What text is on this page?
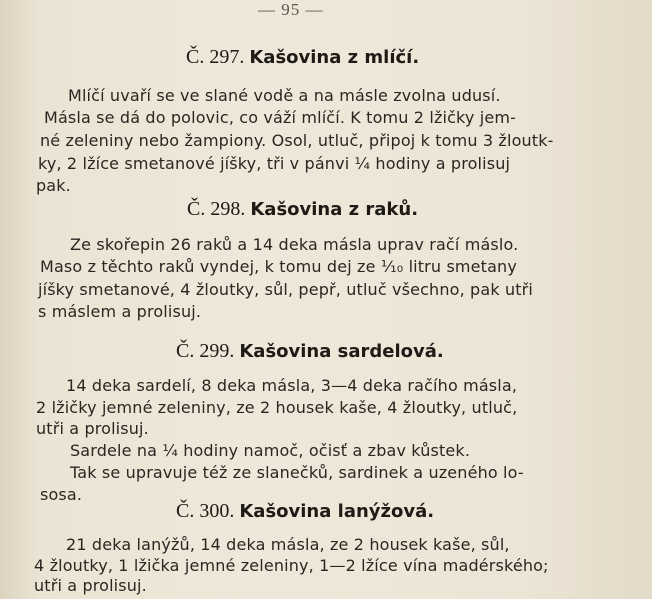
— 95 —
Č. 297. Kašovina z mlíčí.
Mlíčí uvaří se ve slané vodě a na másle zvolna udusí.
Másla se dá do polovic, co váží mlíčí. K tomu 2 lžičky jem-
né zeleniny nebo žampiony. Osol, utluč, připoj k tomu 3 žloutk-
ky, 2 lžíce smetanové jíšky, tři v pánvi ¼ hodiny a prolisuj
pak.
Č. 298. Kašovina z raků.
Ze skořepin 26 raků a 14 deka másla uprav račí máslo.
Maso z těchto raků vyndej, k tomu dej ze ¹⁄₁₀ litru smetany
jíšky smetanové, 4 žloutky, sůl, pepř, utluč všechno, pak utři
s máslem a prolisuj.
Č. 299. Kašovina sardelová.
14 deka sardelí, 8 deka másla, 3—4 deka račího másla,
2 lžičky jemné zeleniny, ze 2 housek kaše, 4 žloutky, utluč,
utři a prolisuj.
Sardele na ¼ hodiny namoč, očisť a zbav kůstek.
Tak se upravuje též ze slanečků, sardinek a uzeného lo-
sosa.
Č. 300. Kašovina lanýžová.
21 deka lanýžů, 14 deka másla, ze 2 housek kaše, sůl,
4 žloutky, 1 lžička jemné zeleniny, 1—2 lžíce vína madérského;
utři a prolisuj.
